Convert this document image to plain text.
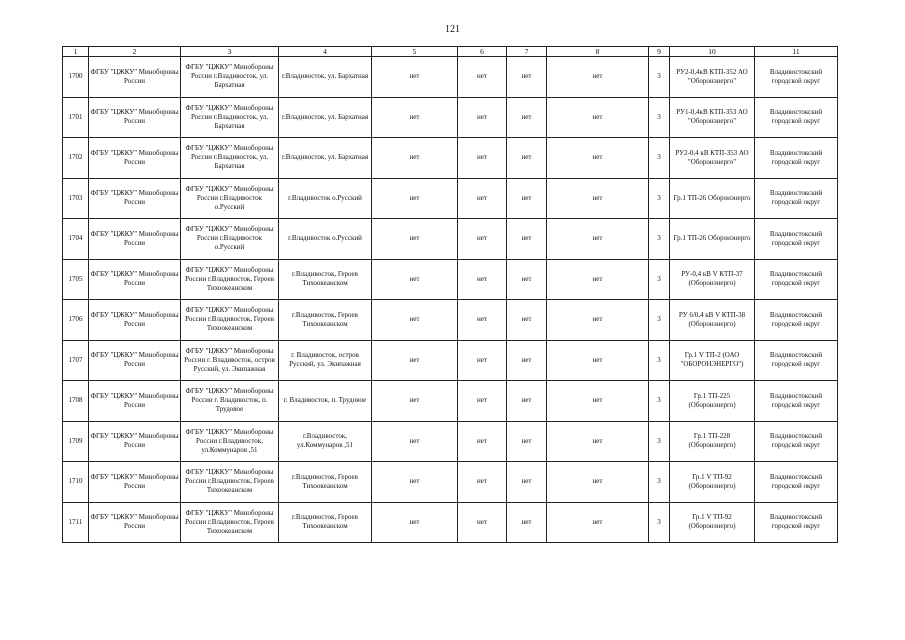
121
1	2	3	4	5	6	7	8	9	10	11

1700	ФГБУ "ЦЖКУ" Минобороны России	ФГБУ "ЦЖКУ" Минобороны России г.Владивосток, ул. Бархатная	г.Владивосток, ул. Бархатная	нет	нет	нет	нет	3	РУ2-0,4кВ КТП-352 АО "Оборонэнерго"	Владивостокский городской округ

1701	ФГБУ "ЦЖКУ" Минобороны России	ФГБУ "ЦЖКУ" Минобороны России г.Владивосток, ул. Бархатная	г.Владивосток, ул. Бархатная	нет	нет	нет	нет	3	РУ1-0,4кВ КТП-353 АО "Оборонэнерго"	Владивостокский городской округ

1702	ФГБУ "ЦЖКУ" Минобороны России	ФГБУ "ЦЖКУ" Минобороны России г.Владивосток, ул. Бархатная	г.Владивосток, ул. Бархатная	нет	нет	нет	нет	3	РУ2-0,4 кВ КТП-353 АО "Оборонэнерго"	Владивостокский городской округ

1703	ФГБУ "ЦЖКУ" Минобороны России	ФГБУ "ЦЖКУ" Минобороны России г.Владивосток о.Русский	г.Владивосток о.Русский	нет	нет	нет	нет	3	Гр.1 ТП-26 Оборонэнерго	Владивостокский городской округ

1704	ФГБУ "ЦЖКУ" Минобороны России	ФГБУ "ЦЖКУ" Минобороны России г.Владивосток о.Русский	г.Владивосток о.Русский	нет	нет	нет	нет	3	Гр.1 ТП-26 Оборонэнерго	Владивостокский городской округ

1705	ФГБУ "ЦЖКУ" Минобороны России	ФГБУ "ЦЖКУ" Минобороны России г.Владивосток, Героев Тихоокеанском	г.Владивосток, Героев Тихоокеанском	нет	нет	нет	нет	3	РУ-0,4 кВ V КТП-37 (Оборонэнерго)	Владивостокский городской округ

1706	ФГБУ "ЦЖКУ" Минобороны России	ФГБУ "ЦЖКУ" Минобороны России г.Владивосток, Героев Тихоокеанском	г.Владивосток, Героев Тихоокеанском	нет	нет	нет	нет	3	РУ 6/0,4 кВ V КТП-38 (Оборонэнерго)	Владивостокский городской округ

1707	ФГБУ "ЦЖКУ" Минобороны России	ФГБУ "ЦЖКУ" Минобороны России г. Владивосток, остров Русский, ул. Экипажная	г. Владивосток, остров Русский, ул. Экипажная	нет	нет	нет	нет	3	Гр.1 V ТП-2 (ОАО "ОБОРОНЭНЕРГО")	Владивостокский городской округ

1708	ФГБУ "ЦЖКУ" Минобороны России	ФГБУ "ЦЖКУ" Минобороны России г. Владивосток, п. Трудовое	г. Владивосток, п. Трудовое	нет	нет	нет	нет	3	Гр.1 ТП-225 (Оборонэнерго)	Владивостокский городской округ

1709	ФГБУ "ЦЖКУ" Минобороны России	ФГБУ "ЦЖКУ" Минобороны России г.Владивосток, ул.Коммунаров ,51	г.Владивосток, ул.Коммунаров ,51	нет	нет	нет	нет	3	Гр.1 ТП-228 (Оборонэнерго)	Владивостокский городской округ

1710	ФГБУ "ЦЖКУ" Минобороны России	ФГБУ "ЦЖКУ" Минобороны России г.Владивосток, Героев Тихоокеанском	г.Владивосток, Героев Тихоокеанском	нет	нет	нет	нет	3	Гр.1 V ТП-92 (Оборонэнерго)	Владивостокский городской округ

1711	ФГБУ "ЦЖКУ" Минобороны России	ФГБУ "ЦЖКУ" Минобороны России г.Владивосток, Героев Тихоокеанском	г.Владивосток, Героев Тихоокеанском	нет	нет	нет	нет	3	Гр.1 V ТП-92 (Оборонэнерго)	Владивостокский городской округ
